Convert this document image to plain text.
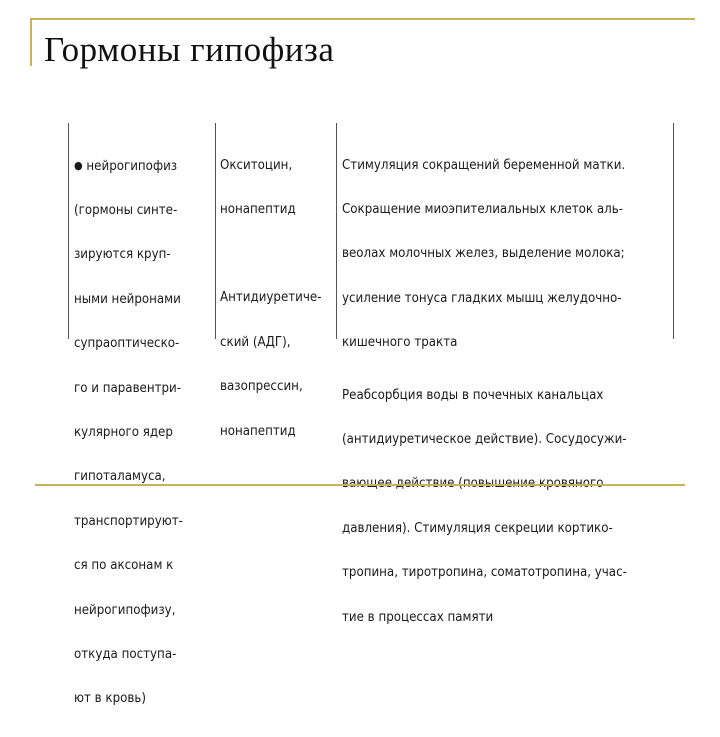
Гормоны гипофиза

● нейрогипофиз

(гормоны синте-

зируются круп-

ными нейронами

супраоптическо-

го и паравентри-

кулярного ядер

гипоталамуса,

транспортируют-

ся по аксонам к

нейрогипофизу,

откуда поступа-

ют в кровь)

Окситоцин,

нонапептид

Антидиуретиче-

ский (АДГ),

вазопрессин,

нонапептид

Стимуляция сокращений беременной матки.

Сокращение миоэпителиальных клеток аль-

веолах молочных желез, выделение молока;

усиление тонуса гладких мышц желудочно-

кишечного тракта

Реабсорбция воды в почечных канальцах

(антидиуретическое действие). Сосудосужи-

давления). Стимуляция секреции кортико-

тропина, тиротропина, соматотропина, учас-

тие в процессах памяти
